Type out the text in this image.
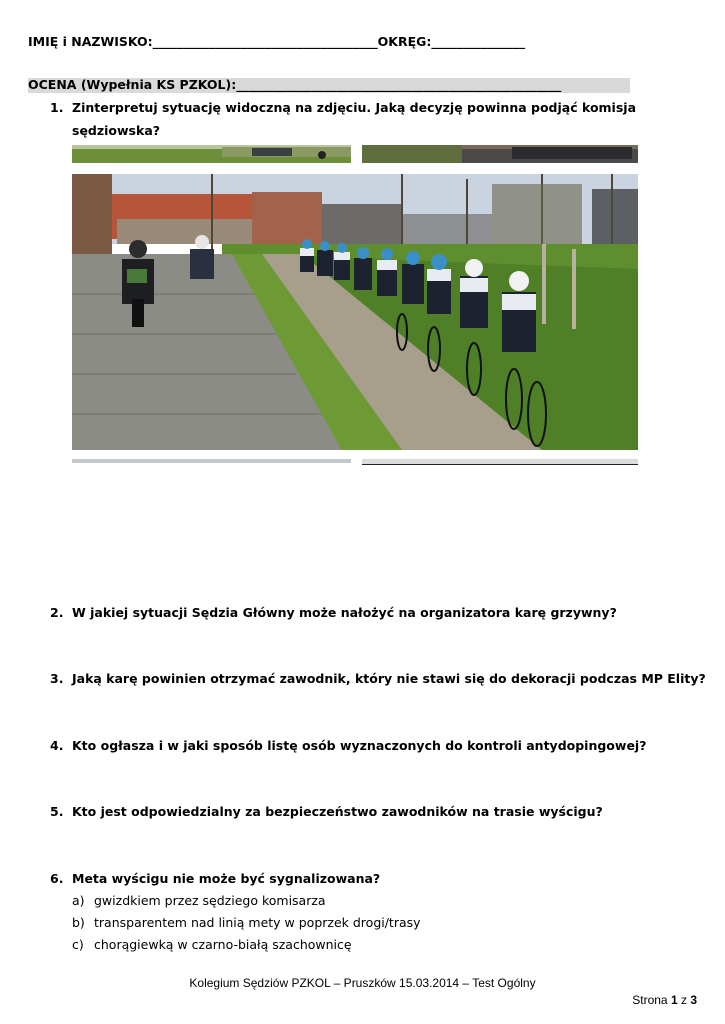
IMIĘ i NAZWISKO:____________________________________OKRĘG:_______________
OCENA (Wypełnia KS PZKOL):____________________________________________________
1. Zinterpretuj sytuację widoczną na zdjęciu. Jaką decyzję powinna podjąć komisja
sędziowska?
2. W jakiej sytuacji Sędzia Główny może nałożyć na organizatora karę grzywny?
3. Jaką karę powinien otrzymać zawodnik, który nie stawi się do dekoracji podczas MP Elity?
4. Kto ogłasza i w jaki sposób listę osób wyznaczonych do kontroli antydopingowej?
5. Kto jest odpowiedzialny za bezpieczeństwo zawodników na trasie wyścigu?
6. Meta wyścigu nie może być sygnalizowana?
a) gwizdkiem przez sędziego komisarza
b) transparentem nad linią mety w poprzek drogi/trasy
c) chorągiewką w czarno-białą szachownicę
Kolegium Sędziów PZKOL – Pruszków 15.03.2014 – Test Ogólny
Strona 1 z 3
